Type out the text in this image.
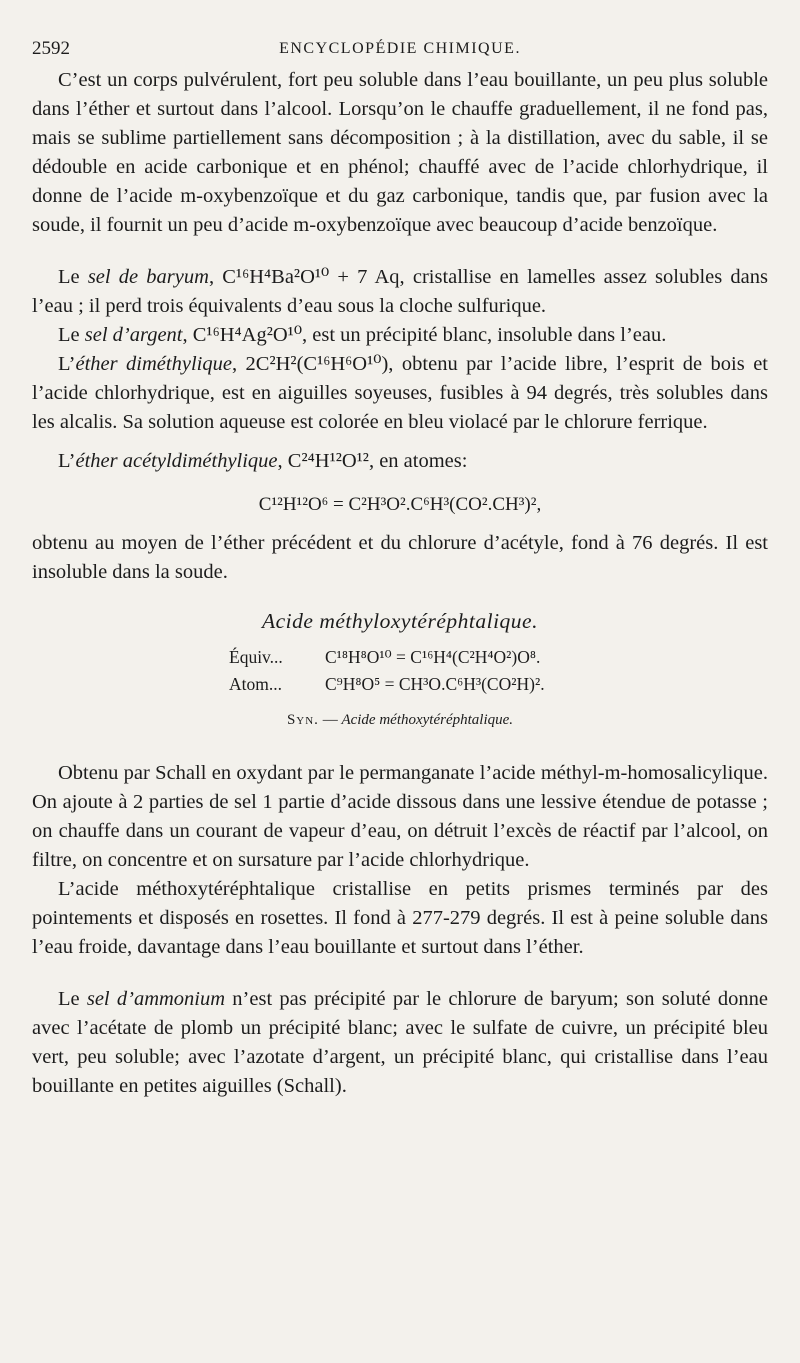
2592	ENCYCLOPÉDIE CHIMIQUE.

C’est un corps pulvérulent, fort peu soluble dans l’eau bouillante, un peu plus soluble dans l’éther et surtout dans l’alcool. Lorsqu’on le chauffe graduellement, il ne fond pas, mais se sublime partiellement sans décomposition ; à la distillation, avec du sable, il se dédouble en acide carbonique et en phénol; chauffé avec de l’acide chlorhydrique, il donne de l’acide m-oxybenzoïque et du gaz carbonique, tandis que, par fusion avec la soude, il fournit un peu d’acide m-oxybenzoïque avec beaucoup d’acide benzoïque.

Le sel de baryum, C¹⁶H⁴Ba²O¹⁰ + 7 Aq, cristallise en lamelles assez solubles dans l’eau ; il perd trois équivalents d’eau sous la cloche sulfurique.

Le sel d’argent, C¹⁶H⁴Ag²O¹⁰, est un précipité blanc, insoluble dans l’eau.

L’éther diméthylique, 2C²H²(C¹⁶H⁶O¹⁰), obtenu par l’acide libre, l’esprit de bois et l’acide chlorhydrique, est en aiguilles soyeuses, fusibles à 94 degrés, très solubles dans les alcalis. Sa solution aqueuse est colorée en bleu violacé par le chlorure ferrique.

L’éther acétyldiméthylique, C²⁴H¹²O¹², en atomes:

C¹²H¹²O⁶ = C²H³O².C⁶H³(CO².CH³)²,

obtenu au moyen de l’éther précédent et du chlorure d’acétyle, fond à 76 degrés. Il est insoluble dans la soude.

Acide méthyloxytéréphtalique.
Équiv... C¹⁸H⁸O¹⁰ = C¹⁶H⁴(C²H⁴O²)O⁸.
Atom... C⁹H⁸O⁵ = CH³O.C⁶H³(CO²H)².
Syn. — Acide méthoxytéréphtalique.

Obtenu par Schall en oxydant par le permanganate l’acide méthyl-m-homosalicylique. On ajoute à 2 parties de sel 1 partie d’acide dissous dans une lessive étendue de potasse ; on chauffe dans un courant de vapeur d’eau, on détruit l’excès de réactif par l’alcool, on filtre, on concentre et on sursature par l’acide chlorhydrique.

L’acide méthoxytéréphtalique cristallise en petits prismes terminés par des pointements et disposés en rosettes. Il fond à 277-279 degrés. Il est à peine soluble dans l’eau froide, davantage dans l’eau bouillante et surtout dans l’éther.

Le sel d’ammonium n’est pas précipité par le chlorure de baryum; son soluté donne avec l’acétate de plomb un précipité blanc; avec le sulfate de cuivre, un précipité bleu vert, peu soluble; avec l’azotate d’argent, un précipité blanc, qui cristallise dans l’eau bouillante en petites aiguilles (Schall).
